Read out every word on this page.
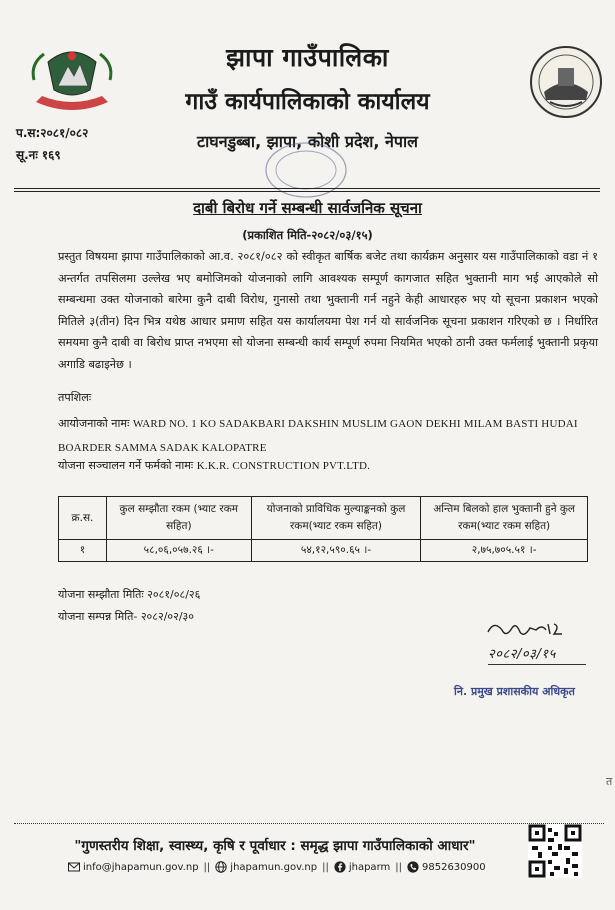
प.स:२०८१/०८२
सू.नः १६९
झापा गाउँपालिका
गाउँ कार्यपालिकाको कार्यालय
टाघनडुब्बा, झापा, कोशी प्रदेश, नेपाल
दाबी बिरोध गर्ने सम्बन्धी सार्वजनिक सूचना
(प्रकाशित मिति-२०८२/०३/१५)
प्रस्तुत विषयमा झापा गाउँपालिकाको आ.व. २०८१/०८२ को स्वीकृत बार्षिक बजेट तथा कार्यक्रम अनुसार यस गाउँपालिकाको वडा नं १ अन्तर्गत तपसिलमा उल्लेख भए बमोजिमको योजनाको लागि आवश्यक सम्पूर्ण कागजात सहित भुक्तानी माग भई आएकोले सो सम्बन्धमा उक्त योजनाको बारेमा कुनै दाबी विरोध, गुनासो तथा भुक्तानी गर्न नहुने केही आधारहरु भए यो सूचना प्रकाशन भएको मितिले ३(तीन) दिन भित्र यथेष्ठ आधार प्रमाण सहित यस कार्यालयमा पेश गर्न यो सार्वजनिक सूचना प्रकाशन गरिएको छ । निर्धारित समयमा कुनै दाबी वा बिरोध प्राप्त नभएमा सो योजना सम्बन्धी कार्य सम्पूर्ण रुपमा नियमित भएको ठानी उक्त फर्मलाई भुक्तानी प्रकृया अगाडि बढाइनेछ ।
तपशिलः
आयोजनाको नामः WARD NO. 1 KO SADAKBARI DAKSHIN MUSLIM GAON DEKHI MILAM BASTI HUDAI BOARDER SAMMA SADAK KALOPATRE
योजना सञ्चालन गर्ने फर्मको नामः K.K.R. CONSTRUCTION PVT.LTD.
क्र.स.	कुल सम्झौता रकम (भ्याट रकम सहित)	योजनाको प्राविधिक मुल्याङ्कनको कुल रकम(भ्याट रकम सहित)	अन्तिम बिलको हाल भुक्तानी हुने कुल रकम(भ्याट रकम सहित)
१	५८,०६,०५७.२६ ।-	५४,१२,५९०.६५ ।-	२,७५,७०५.५१ ।-
योजना सम्झौता मितिः २०८१/०८/२६
योजना सम्पन्न मिति- २०८२/०२/३०
२०८२/०३/१५
नि. प्रमुख प्रशासकीय अधिकृत
त
"गुणस्तरीय शिक्षा, स्वास्थ्य, कृषि र पूर्वाधार : समृद्ध झापा गाउँपालिकाको आधार"
info@jhapamun.gov.np || jhapamun.gov.np || jhaparm || 9852630900
